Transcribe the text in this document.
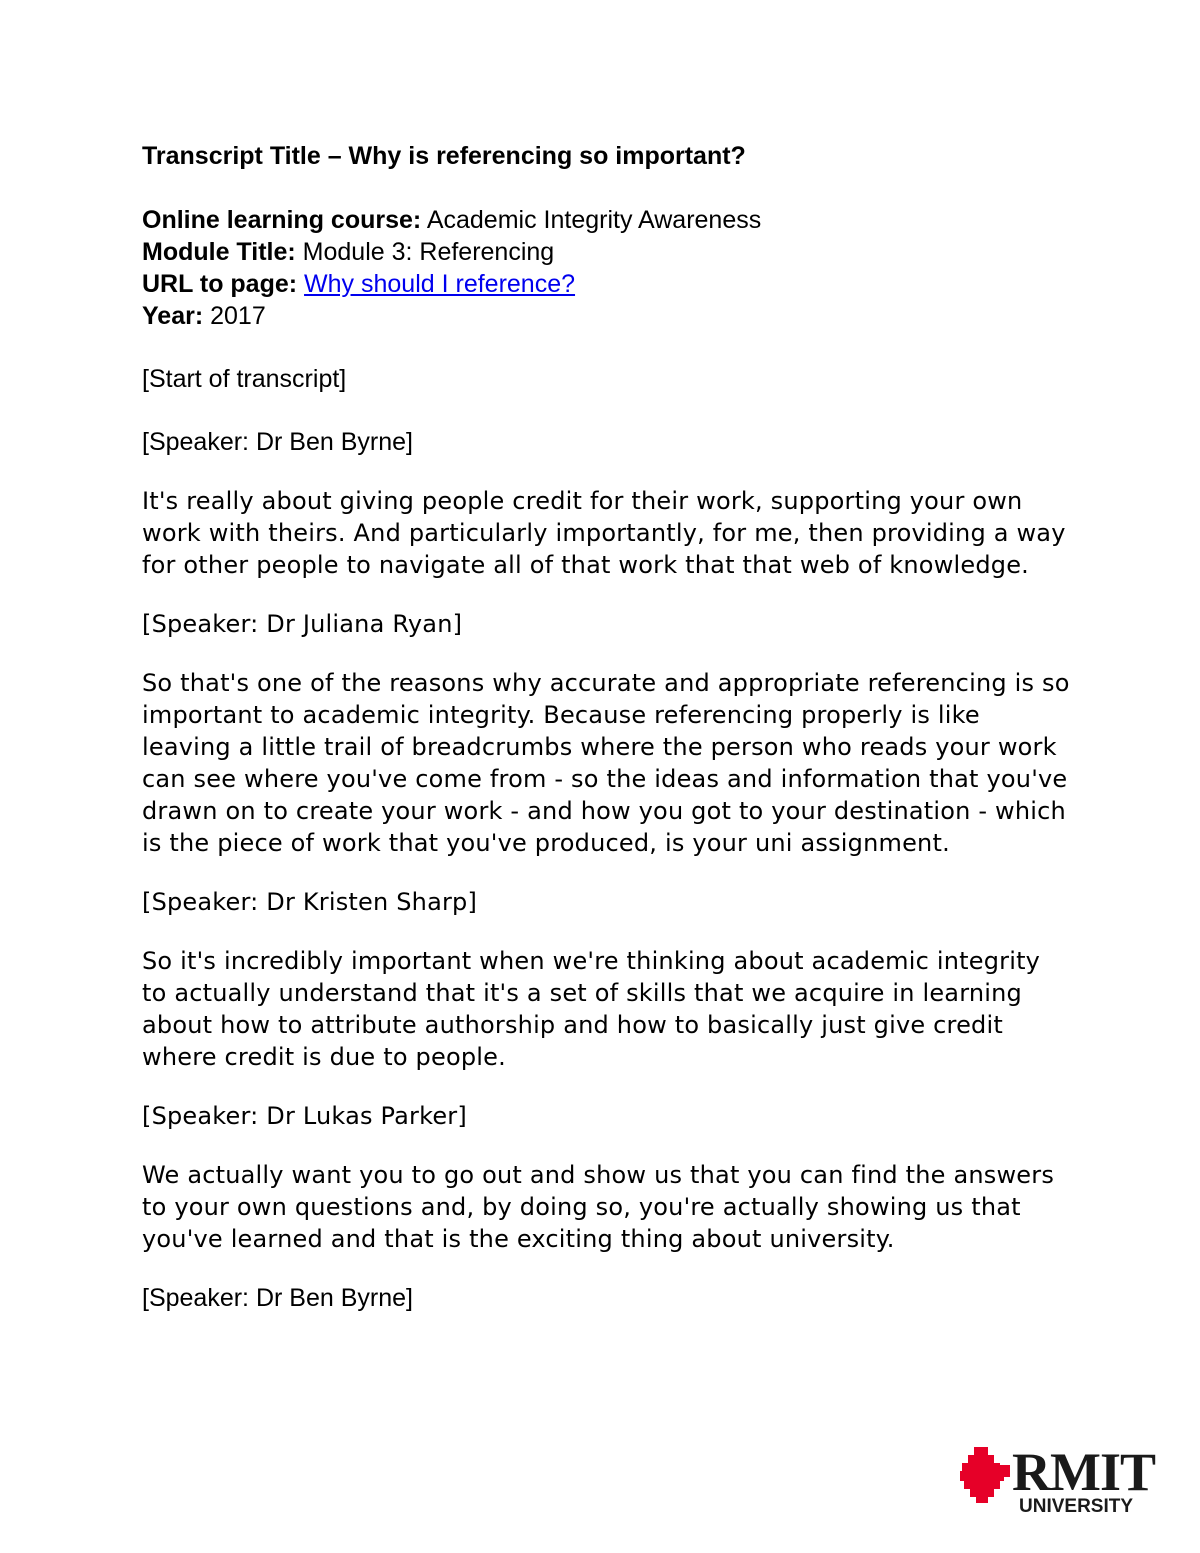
Transcript Title – Why is referencing so important?

Online learning course: Academic Integrity Awareness

Module Title: Module 3: Referencing

URL to page: Why should I reference?

Year: 2017

[Start of transcript]

[Speaker: Dr Ben Byrne]

It's really about giving people credit for their work, supporting your own work with theirs. And particularly importantly, for me, then providing a way for other people to navigate all of that work that that web of knowledge.

[Speaker: Dr Juliana Ryan]

So that's one of the reasons why accurate and appropriate referencing is so important to academic integrity. Because referencing properly is like leaving a little trail of breadcrumbs where the person who reads your work can see where you've come from - so the ideas and information that you've drawn on to create your work - and how you got to your destination - which is the piece of work that you've produced, is your uni assignment.

[Speaker: Dr Kristen Sharp]

So it's incredibly important when we're thinking about academic integrity to actually understand that it's a set of skills that we acquire in learning about how to attribute authorship and how to basically just give credit where credit is due to people.

[Speaker: Dr Lukas Parker]

We actually want you to go out and show us that you can find the answers to your own questions and, by doing so, you're actually showing us that you've learned and that is the exciting thing about university.

[Speaker: Dr Ben Byrne]

RMIT
UNIVERSITY
